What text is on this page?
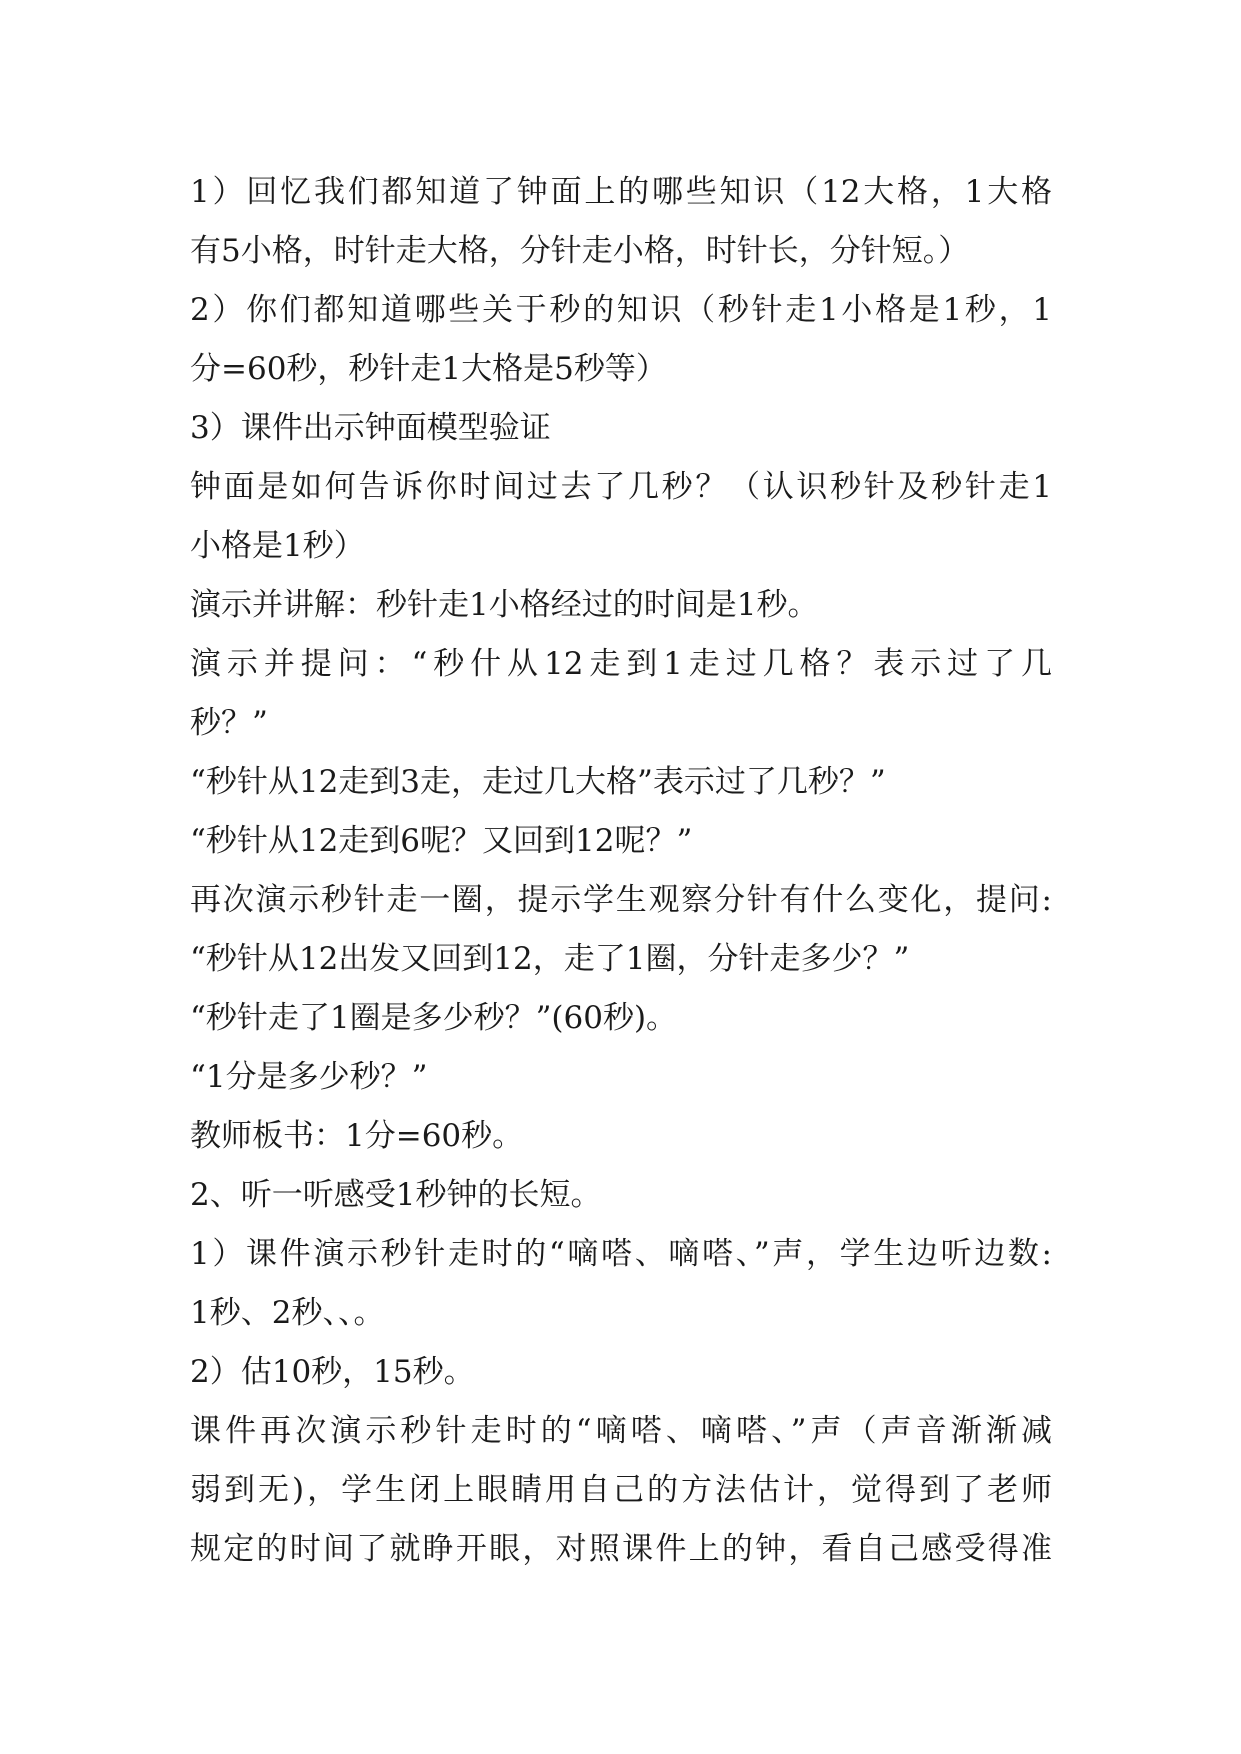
1）回忆我们都知道了钟面上的哪些知识（12大格，1大格
有5小格，时针走大格，分针走小格，时针长，分针短。）
2）你们都知道哪些关于秒的知识（秒针走1小格是1秒，1
分=60秒，秒针走1大格是5秒等）
3）课件出示钟面模型验证
钟面是如何告诉你时间过去了几秒？（认识秒针及秒针走1
小格是1秒）
演示并讲解：秒针走1小格经过的时间是1秒。
演示并提问：“秒什从12走到1走过几格？表示过了几
秒？”
“秒针从12走到3走，走过几大格”表示过了几秒？”
“秒针从12走到6呢？又回到12呢？”
再次演示秒针走一圈，提示学生观察分针有什么变化，提问:
“秒针从12出发又回到12，走了1圈，分针走多少？”
“秒针走了1圈是多少秒？”(60秒)。
“1分是多少秒？”
教师板书：1分=60秒。
2、听一听感受1秒钟的长短。
1）课件演示秒针走时的“嘀嗒、嘀嗒、”声，学生边听边数:
1秒、2秒、、。
2）估10秒，15秒。
课件再次演示秒针走时的“嘀嗒、嘀嗒、”声（声音渐渐减
弱到无)，学生闭上眼睛用自己的方法估计，觉得到了老师
规定的时间了就睁开眼，对照课件上的钟，看自己感受得准
